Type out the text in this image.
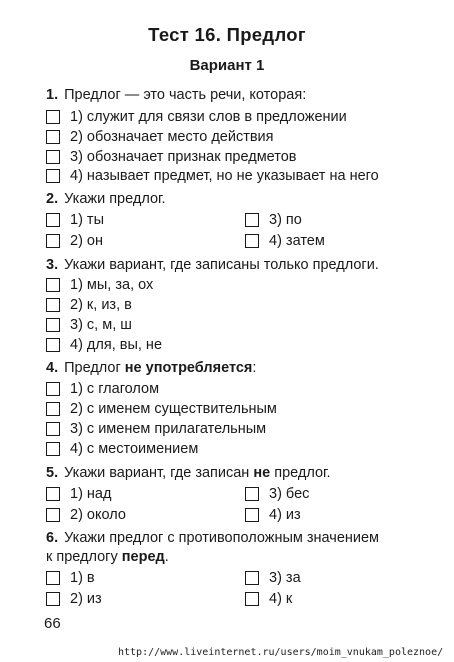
Тест 16. Предлог
Вариант 1
1. Предлог — это часть речи, которая:
1) служит для связи слов в предложении
2) обозначает место действия
3) обозначает признак предметов
4) называет предмет, но не указывает на него
2. Укажи предлог.
1) ты
2) он
3) по
4) затем
3. Укажи вариант, где записаны только предлоги.
1) мы, за, ох
2) к, из, в
3) с, м, ш
4) для, вы, не
4. Предлог не употребляется:
1) с глаголом
2) с именем существительным
3) с именем прилагательным
4) с местоимением
5. Укажи вариант, где записан не предлог.
1) над
2) около
3) бес
4) из
6. Укажи предлог с противоположным значением
к предлогу перед.
1) в
2) из
3) за
4) к
66
http://www.liveinternet.ru/users/moim_vnukam_poleznoe/
